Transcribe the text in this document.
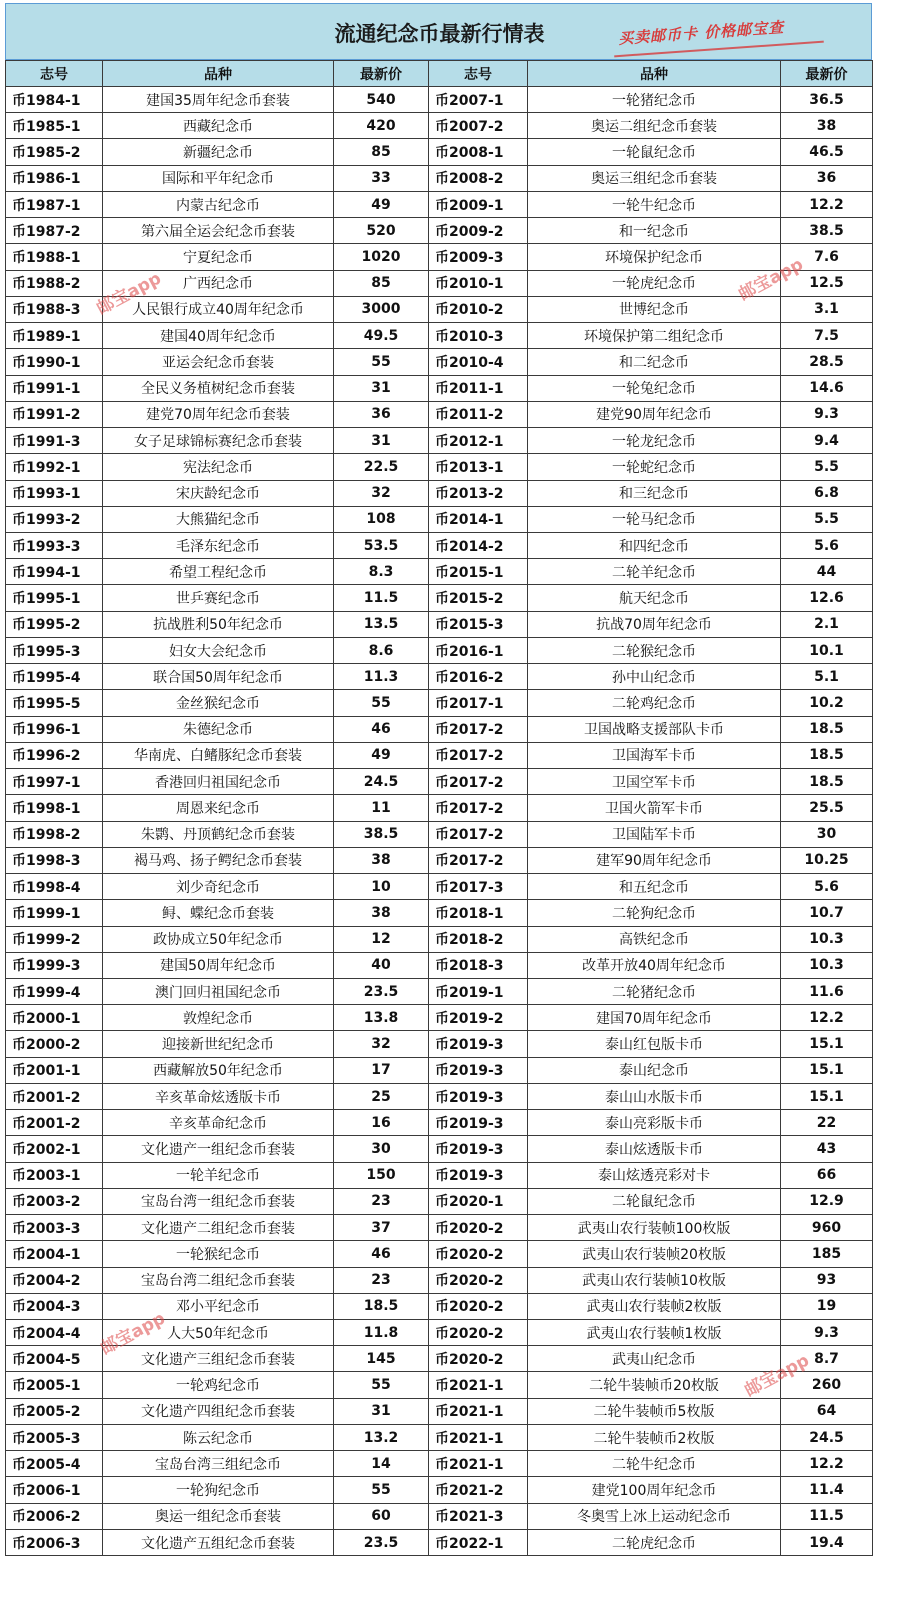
流通纪念币最新行情表	买卖邮币卡 价格邮宝查
志号	品种	最新价	志号	品种	最新价
币1984-1	建国35周年纪念币套装	540	币2007-1	一轮猪纪念币	36.5
币1985-1	西藏纪念币	420	币2007-2	奥运二组纪念币套装	38
币1985-2	新疆纪念币	85	币2008-1	一轮鼠纪念币	46.5
币1986-1	国际和平年纪念币	33	币2008-2	奥运三组纪念币套装	36
币1987-1	内蒙古纪念币	49	币2009-1	一轮牛纪念币	12.2
币1987-2	第六届全运会纪念币套装	520	币2009-2	和一纪念币	38.5
币1988-1	宁夏纪念币	1020	币2009-3	环境保护纪念币	7.6
币1988-2	广西纪念币	85	币2010-1	一轮虎纪念币	12.5
币1988-3	人民银行成立40周年纪念币	3000	币2010-2	世博纪念币	3.1
币1989-1	建国40周年纪念币	49.5	币2010-3	环境保护第二组纪念币	7.5
币1990-1	亚运会纪念币套装	55	币2010-4	和二纪念币	28.5
币1991-1	全民义务植树纪念币套装	31	币2011-1	一轮兔纪念币	14.6
币1991-2	建党70周年纪念币套装	36	币2011-2	建党90周年纪念币	9.3
币1991-3	女子足球锦标赛纪念币套装	31	币2012-1	一轮龙纪念币	9.4
币1992-1	宪法纪念币	22.5	币2013-1	一轮蛇纪念币	5.5
币1993-1	宋庆龄纪念币	32	币2013-2	和三纪念币	6.8
币1993-2	大熊猫纪念币	108	币2014-1	一轮马纪念币	5.5
币1993-3	毛泽东纪念币	53.5	币2014-2	和四纪念币	5.6
币1994-1	希望工程纪念币	8.3	币2015-1	二轮羊纪念币	44
币1995-1	世乒赛纪念币	11.5	币2015-2	航天纪念币	12.6
币1995-2	抗战胜利50年纪念币	13.5	币2015-3	抗战70周年纪念币	2.1
币1995-3	妇女大会纪念币	8.6	币2016-1	二轮猴纪念币	10.1
币1995-4	联合国50周年纪念币	11.3	币2016-2	孙中山纪念币	5.1
币1995-5	金丝猴纪念币	55	币2017-1	二轮鸡纪念币	10.2
币1996-1	朱德纪念币	46	币2017-2	卫国战略支援部队卡币	18.5
币1996-2	华南虎、白鳍豚纪念币套装	49	币2017-2	卫国海军卡币	18.5
币1997-1	香港回归祖国纪念币	24.5	币2017-2	卫国空军卡币	18.5
币1998-1	周恩来纪念币	11	币2017-2	卫国火箭军卡币	25.5
币1998-2	朱鹮、丹顶鹤纪念币套装	38.5	币2017-2	卫国陆军卡币	30
币1998-3	褐马鸡、扬子鳄纪念币套装	38	币2017-2	建军90周年纪念币	10.25
币1998-4	刘少奇纪念币	10	币2017-3	和五纪念币	5.6
币1999-1	鲟、蝶纪念币套装	38	币2018-1	二轮狗纪念币	10.7
币1999-2	政协成立50年纪念币	12	币2018-2	高铁纪念币	10.3
币1999-3	建国50周年纪念币	40	币2018-3	改革开放40周年纪念币	10.3
币1999-4	澳门回归祖国纪念币	23.5	币2019-1	二轮猪纪念币	11.6
币2000-1	敦煌纪念币	13.8	币2019-2	建国70周年纪念币	12.2
币2000-2	迎接新世纪纪念币	32	币2019-3	泰山红包版卡币	15.1
币2001-1	西藏解放50年纪念币	17	币2019-3	泰山纪念币	15.1
币2001-2	辛亥革命炫透版卡币	25	币2019-3	泰山山水版卡币	15.1
币2001-2	辛亥革命纪念币	16	币2019-3	泰山亮彩版卡币	22
币2002-1	文化遗产一组纪念币套装	30	币2019-3	泰山炫透版卡币	43
币2003-1	一轮羊纪念币	150	币2019-3	泰山炫透亮彩对卡	66
币2003-2	宝岛台湾一组纪念币套装	23	币2020-1	二轮鼠纪念币	12.9
币2003-3	文化遗产二组纪念币套装	37	币2020-2	武夷山农行装帧100枚版	960
币2004-1	一轮猴纪念币	46	币2020-2	武夷山农行装帧20枚版	185
币2004-2	宝岛台湾二组纪念币套装	23	币2020-2	武夷山农行装帧10枚版	93
币2004-3	邓小平纪念币	18.5	币2020-2	武夷山农行装帧2枚版	19
币2004-4	人大50年纪念币	11.8	币2020-2	武夷山农行装帧1枚版	9.3
币2004-5	文化遗产三组纪念币套装	145	币2020-2	武夷山纪念币	8.7
币2005-1	一轮鸡纪念币	55	币2021-1	二轮牛装帧币20枚版	260
币2005-2	文化遗产四组纪念币套装	31	币2021-1	二轮牛装帧币5枚版	64
币2005-3	陈云纪念币	13.2	币2021-1	二轮牛装帧币2枚版	24.5
币2005-4	宝岛台湾三组纪念币	14	币2021-1	二轮牛纪念币	12.2
币2006-1	一轮狗纪念币	55	币2021-2	建党100周年纪念币	11.4
币2006-2	奥运一组纪念币套装	60	币2021-3	冬奥雪上冰上运动纪念币	11.5
币2006-3	文化遗产五组纪念币套装	23.5	币2022-1	二轮虎纪念币	19.4
邮宝app	邮宝app
邮宝app
邮宝app
